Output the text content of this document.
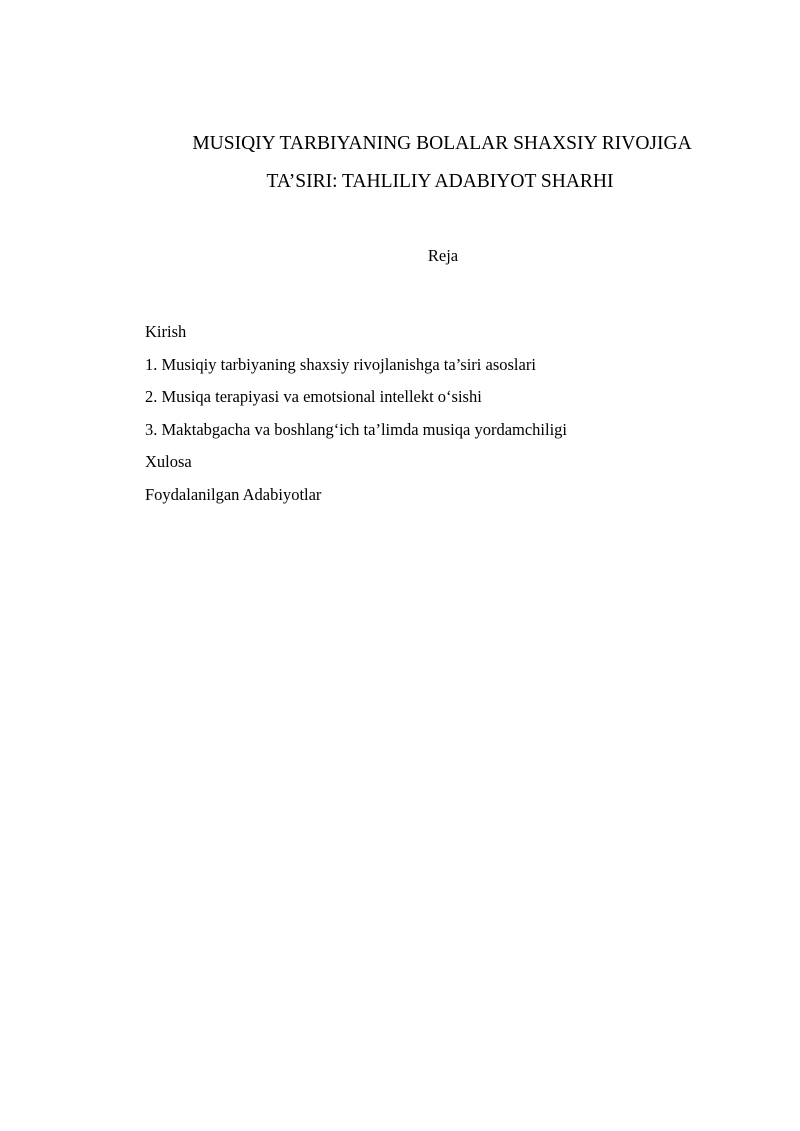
MUSIQIY TARBIYANING BOLALAR SHAXSIY RIVOJIGA
TA’SIRI: TAHLILIY ADABIYOT SHARHI
Reja
Kirish
1. Musiqiy tarbiyaning shaxsiy rivojlanishga ta’siri asoslari
2. Musiqa terapiyasi va emotsional intellekt o‘sishi
3. Maktabgacha va boshlang‘ich ta’limda musiqa yordamchiligi
Xulosa
Foydalanilgan Adabiyotlar
